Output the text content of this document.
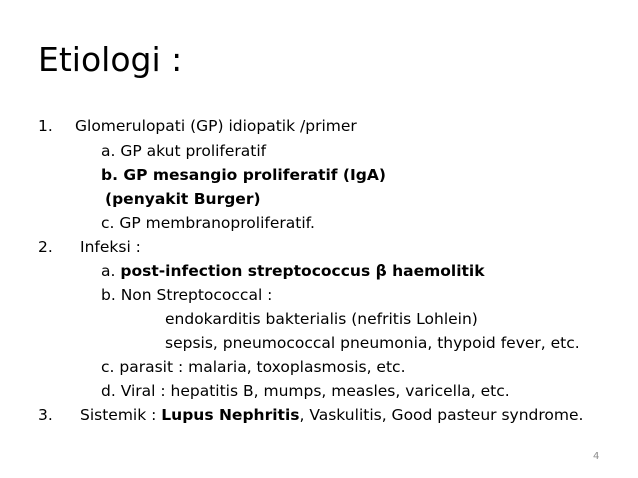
Etiologi :
1. Glomerulopati (GP) idiopatik /primer
a. GP akut proliferatif
b. GP mesangio proliferatif (IgA)
(penyakit Burger)
c. GP membranoproliferatif.
2. Infeksi :
a. post-infection streptococcus β haemolitik
b. Non Streptococcal :
endokarditis bakterialis (nefritis Lohlein)
sepsis, pneumococcal pneumonia, thypoid fever, etc.
c. parasit : malaria, toxoplasmosis, etc.
d. Viral : hepatitis B, mumps, measles, varicella, etc.
3. Sistemik : Lupus Nephritis, Vaskulitis, Good pasteur syndrome.
4
